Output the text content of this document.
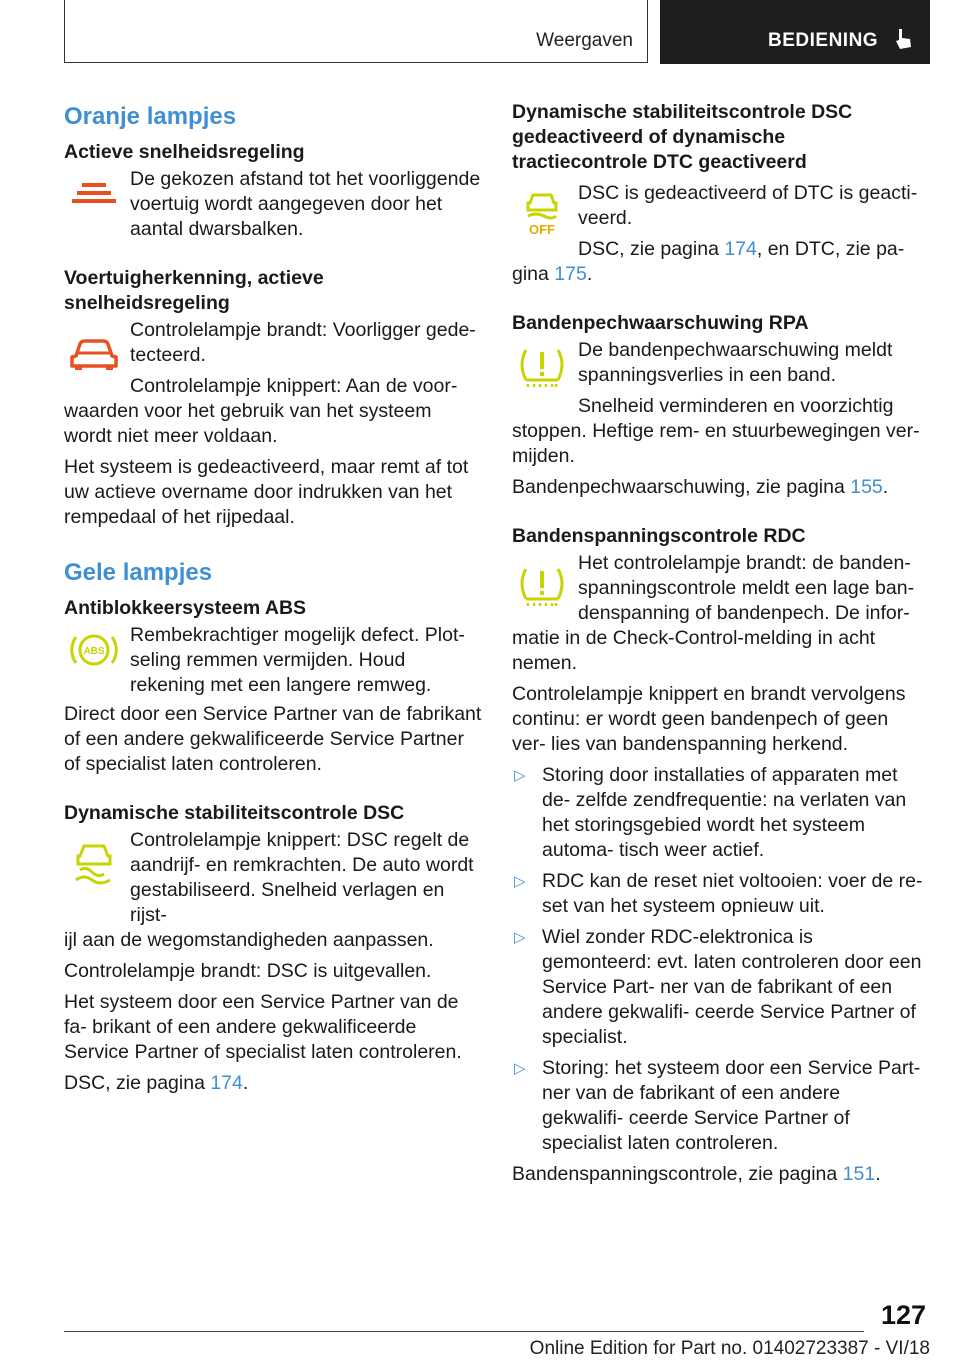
Weergaven	BEDIENING
Oranje lampjes
Actieve snelheidsregeling

De gekozen afstand tot het voorliggende voertuig wordt aangegeven door het aantal dwarsbalken.

Voertuigherkenning, actieve
snelheidsregeling

Controlelampje brandt: Voorligger gede- tecteerd.

Controlelampje knippert: Aan de voor-

waarden voor het gebruik van het systeem wordt niet meer voldaan.

Het systeem is gedeactiveerd, maar remt af tot uw actieve overname door indrukken van het rempedaal of het rijpedaal.

Gele lampjes
Antiblokkeersysteem ABS
ABS

Rembekrachtiger mogelijk defect. Plot- seling remmen vermijden. Houd rekening met een langere remweg.

Direct door een Service Partner van de fabrikant of een andere gekwalificeerde Service Partner of specialist laten controleren.

Dynamische stabiliteitscontrole DSC

Controlelampje knippert: DSC regelt de aandrijf- en remkrachten. De auto wordt gestabiliseerd. Snelheid verlagen en rijst-

ijl aan de wegomstandigheden aanpassen.

Controlelampje brandt: DSC is uitgevallen.

Het systeem door een Service Partner van de fa- brikant of een andere gekwalificeerde Service Partner of specialist laten controleren.

DSC, zie pagina 174.

Dynamische stabiliteitscontrole DSC gedeactiveerd of dynamische tractiecontrole DTC geactiveerd
OFF

DSC is gedeactiveerd of DTC is geacti- veerd.

DSC, zie pagina 174, en DTC, zie pa-

gina 175.

Bandenpechwaarschuwing RPA

De bandenpechwaarschuwing meldt spanningsverlies in een band.

Snelheid verminderen en voorzichtig

stoppen. Heftige rem- en stuurbewegingen ver- mijden.

Bandenpechwaarschuwing, zie pagina 155.

Bandenspanningscontrole RDC

Het controlelampje brandt: de banden- spanningscontrole meldt een lage ban- denspanning of bandenpech. De infor-

matie in de Check-Control-melding in acht nemen.

Controlelampje knippert en brandt vervolgens continu: er wordt geen bandenpech of geen ver- lies van bandenspanning herkend.

▷ Storing door installaties of apparaten met de- zelfde zendfrequentie: na verlaten van het storingsgebied wordt het systeem automa- tisch weer actief.
▷ RDC kan de reset niet voltooien: voer de re- set van het systeem opnieuw uit.
▷ Wiel zonder RDC-elektronica is gemonteerd: evt. laten controleren door een Service Part- ner van de fabrikant of een andere gekwalifi- ceerde Service Partner of specialist.
▷ Storing: het systeem door een Service Part- ner van de fabrikant of een andere gekwalifi- ceerde Service Partner of specialist laten controleren.

Bandenspanningscontrole, zie pagina 151.

127
Online Edition for Part no. 01402723387 - VI/18
